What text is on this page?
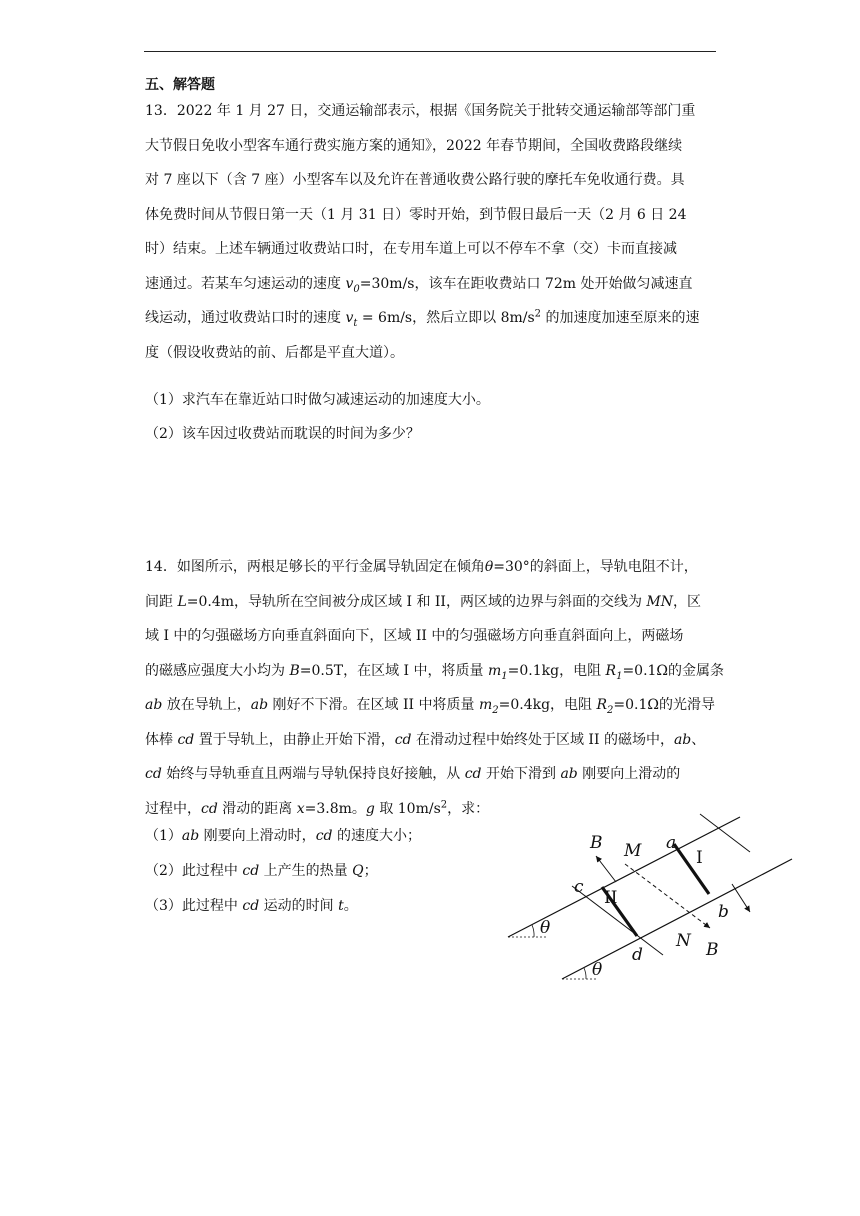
五、解答题
13．2022 年 1 月 27 日，交通运输部表示，根据《国务院关于批转交通运输部等部门重
大节假日免收小型客车通行费实施方案的通知》，2022 年春节期间，全国收费路段继续
对 7 座以下（含 7 座）小型客车以及允许在普通收费公路行驶的摩托车免收通行费。具
体免费时间从节假日第一天（1 月 31 日）零时开始，到节假日最后一天（2 月 6 日 24
时）结束。上述车辆通过收费站口时，在专用车道上可以不停车不拿（交）卡而直接减
速通过。若某车匀速运动的速度 $v_0=30m/s$，该车在距收费站口 72m 处开始做匀减速直
线运动，通过收费站口时的速度 $v_t = 6m/s$，然后立即以 $8m/s^2$ 的加速度加速至原来的速
度（假设收费站的前、后都是平直大道）。
（1）求汽车在靠近站口时做匀减速运动的加速度大小。
（2）该车因过收费站而耽误的时间为多少？
14．如图所示，两根足够长的平行金属导轨固定在倾角θ=30°的斜面上，导轨电阻不计，
间距 L=0.4m，导轨所在空间被分成区域 I 和 II，两区域的边界与斜面的交线为 MN，区
域 I 中的匀强磁场方向垂直斜面向下，区域 II 中的匀强磁场方向垂直斜面向上，两磁场
的磁感应强度大小均为 B=0.5T，在区域 I 中，将质量 $m_1=0.1kg$，电阻 $R_1=0.1\Omega$的金属条
ab 放在导轨上，ab 刚好不下滑。在区域 II 中将质量 $m_2=0.4kg$，电阻 $R_2=0.1\Omega$的光滑导
体棒 cd 置于导轨上，由静止开始下滑，cd 在滑动过程中始终处于区域 II 的磁场中，ab、
cd 始终与导轨垂直且两端与导轨保持良好接触，从 cd 开始下滑到 ab 刚要向上滑动的
过程中，cd 滑动的距离 x=3.8m。g 取 $10m/s^2$，求：
（1）ab 刚要向上滑动时，cd 的速度大小；
（2）此过程中 cd 上产生的热量 Q；
（3）此过程中 cd 运动的时间 t。
B M a
I
c
II
θ
b
N B
d
θ
